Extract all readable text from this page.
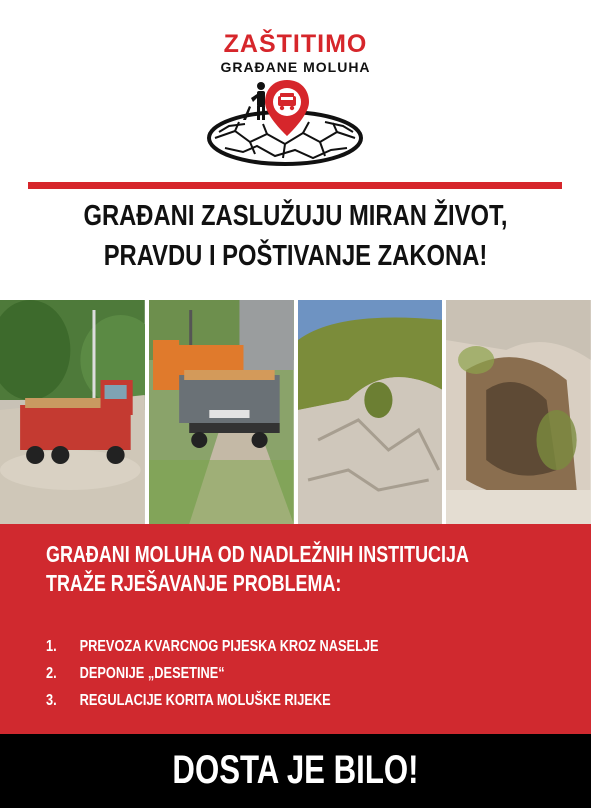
ZAŠTITIMO
GRAĐANE MOLUHA
GRAĐANI ZASLUŽUJU MIRAN ŽIVOT,
PRAVDU I POŠTIVANJE ZAKONA!
GRAĐANI MOLUHA OD NADLEŽNIH INSTITUCIJA
TRAŽE RJEŠAVANJE PROBLEMA:
1. PREVOZA KVARCNOG PIJESKA KROZ NASELJE
2. DEPONIJE „DESETINE“
3. REGULACIJE KORITA MOLUŠKE RIJEKE
DOSTA JE BILO!
